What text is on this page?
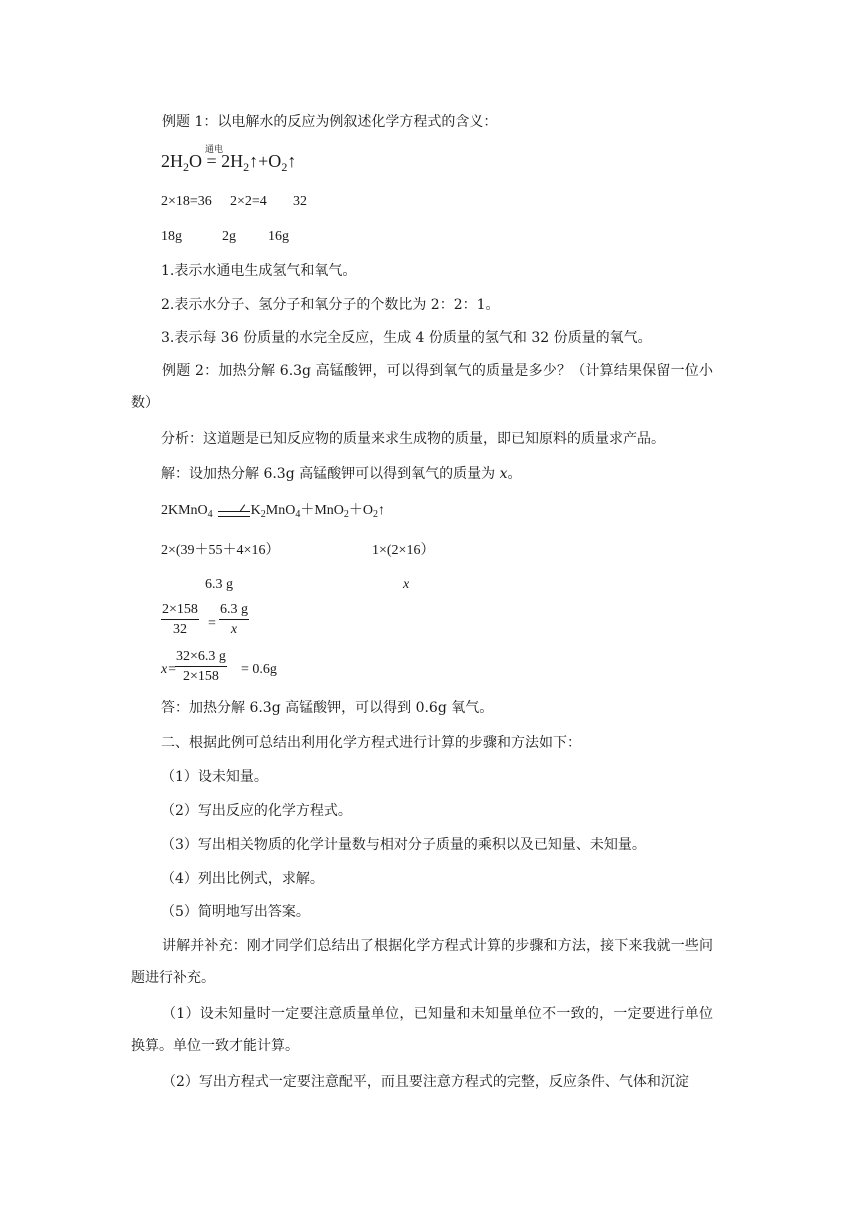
例题 1：以电解水的反应为例叙述化学方程式的含义：
$2H_2O$ = $2H_2↑+O_2↑$
通电
2×18=36 2×2=4 32
18g	2g 16g
1.表示水通电生成氢气和氧气。
2.表示水分子、氢分子和氧分子的个数比为 2：2：1。
3.表示每 36 份质量的水完全反应，生成 4 份质量的氢气和 32 份质量的氧气。
例题 2：加热分解 6.3g 高锰酸钾，可以得到氧气的质量是多少？（计算结果保留一位小数）
分析：这道题是已知反应物的质量来求生成物的质量，即已知原料的质量求产品。
解：设加热分解 6.3g 高锰酸钾可以得到氧气的质量为 x。
2KMnO$_4$	$K_2MnO_4+MnO_2+O_2↑$
2×(39＋55＋4×16）	1×(2×16）
6.3 g	x
$\frac{2\times 158}{32} = \frac{6.3 g}{x}$
x=
$\frac{32\times 6.3 g}{2\times 158} = 0.6g$
答：加热分解 6.3g 高锰酸钾，可以得到 0.6g 氧气。
二、根据此例可总结出利用化学方程式进行计算的步骤和方法如下：
（1）设未知量。
（2）写出反应的化学方程式。
（3）写出相关物质的化学计量数与相对分子质量的乘积以及已知量、未知量。
（4）列出比例式，求解。
（5）简明地写出答案。
讲解并补充：刚才同学们总结出了根据化学方程式计算的步骤和方法，接下来我就一些问题进行补充。
（1）设未知量时一定要注意质量单位，已知量和未知量单位不一致的，一定要进行单位换算。单位一致才能计算。
（2）写出方程式一定要注意配平，而且要注意方程式的完整，反应条件、气体和沉淀
